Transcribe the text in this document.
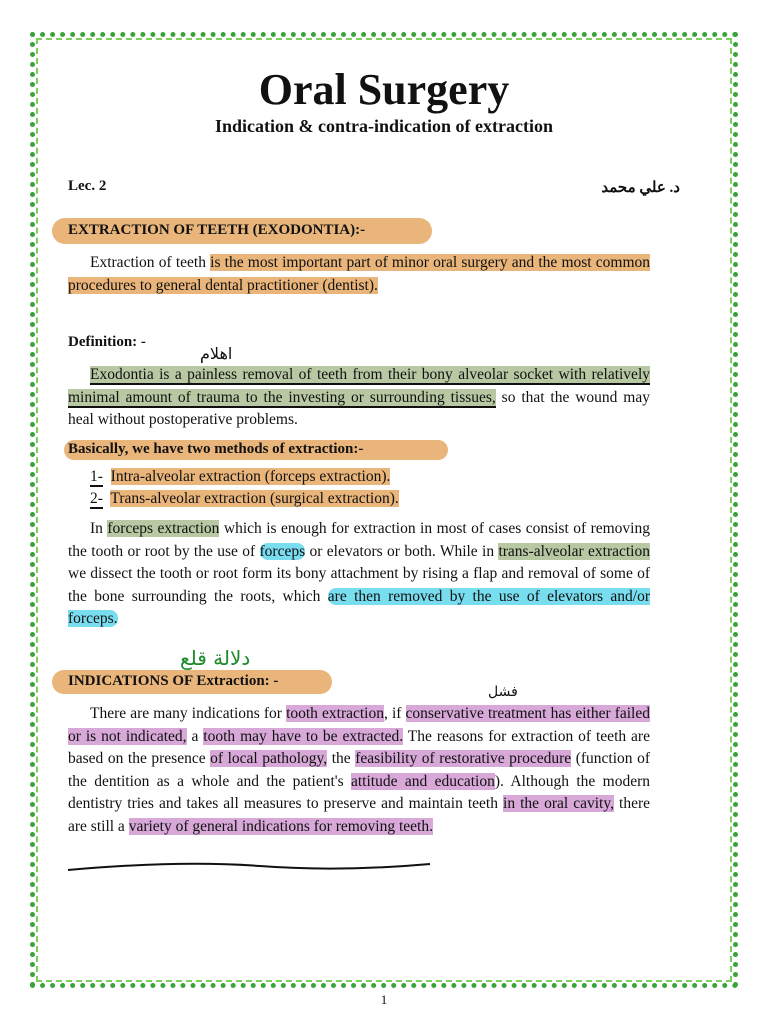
Oral Surgery
Indication & contra-indication of extraction
Lec. 2	د. علي محمد
EXTRACTION OF TEETH (EXODONTIA):-
Extraction of teeth is the most important part of minor oral surgery and the most common procedures to general dental practitioner (dentist).
Definition: -
اهلام
Exodontia is a painless removal of teeth from their bony alveolar socket with relatively minimal amount of trauma to the investing or surrounding tissues, so that the wound may heal without postoperative problems.
Basically, we have two methods of extraction:-
1- Intra-alveolar extraction (forceps extraction).
2- Trans-alveolar extraction (surgical extraction).
In forceps extraction which is enough for extraction in most of cases consist of removing the tooth or root by the use of forceps or elevators or both. While in trans-alveolar extraction we dissect the tooth or root form its bony attachment by rising a flap and removal of some of the bone surrounding the roots, which are then removed by the use of elevators and/or forceps.
دلالة قلع
INDICATIONS OF Extraction: -
فشل
There are many indications for tooth extraction, if conservative treatment has either failed or is not indicated, a tooth may have to be extracted. The reasons for extraction of teeth are based on the presence of local pathology, the feasibility of restorative procedure (function of the dentition as a whole and the patient's attitude and education). Although the modern dentistry tries and takes all measures to preserve and maintain teeth in the oral cavity, there are still a variety of general indications for removing teeth.
1
